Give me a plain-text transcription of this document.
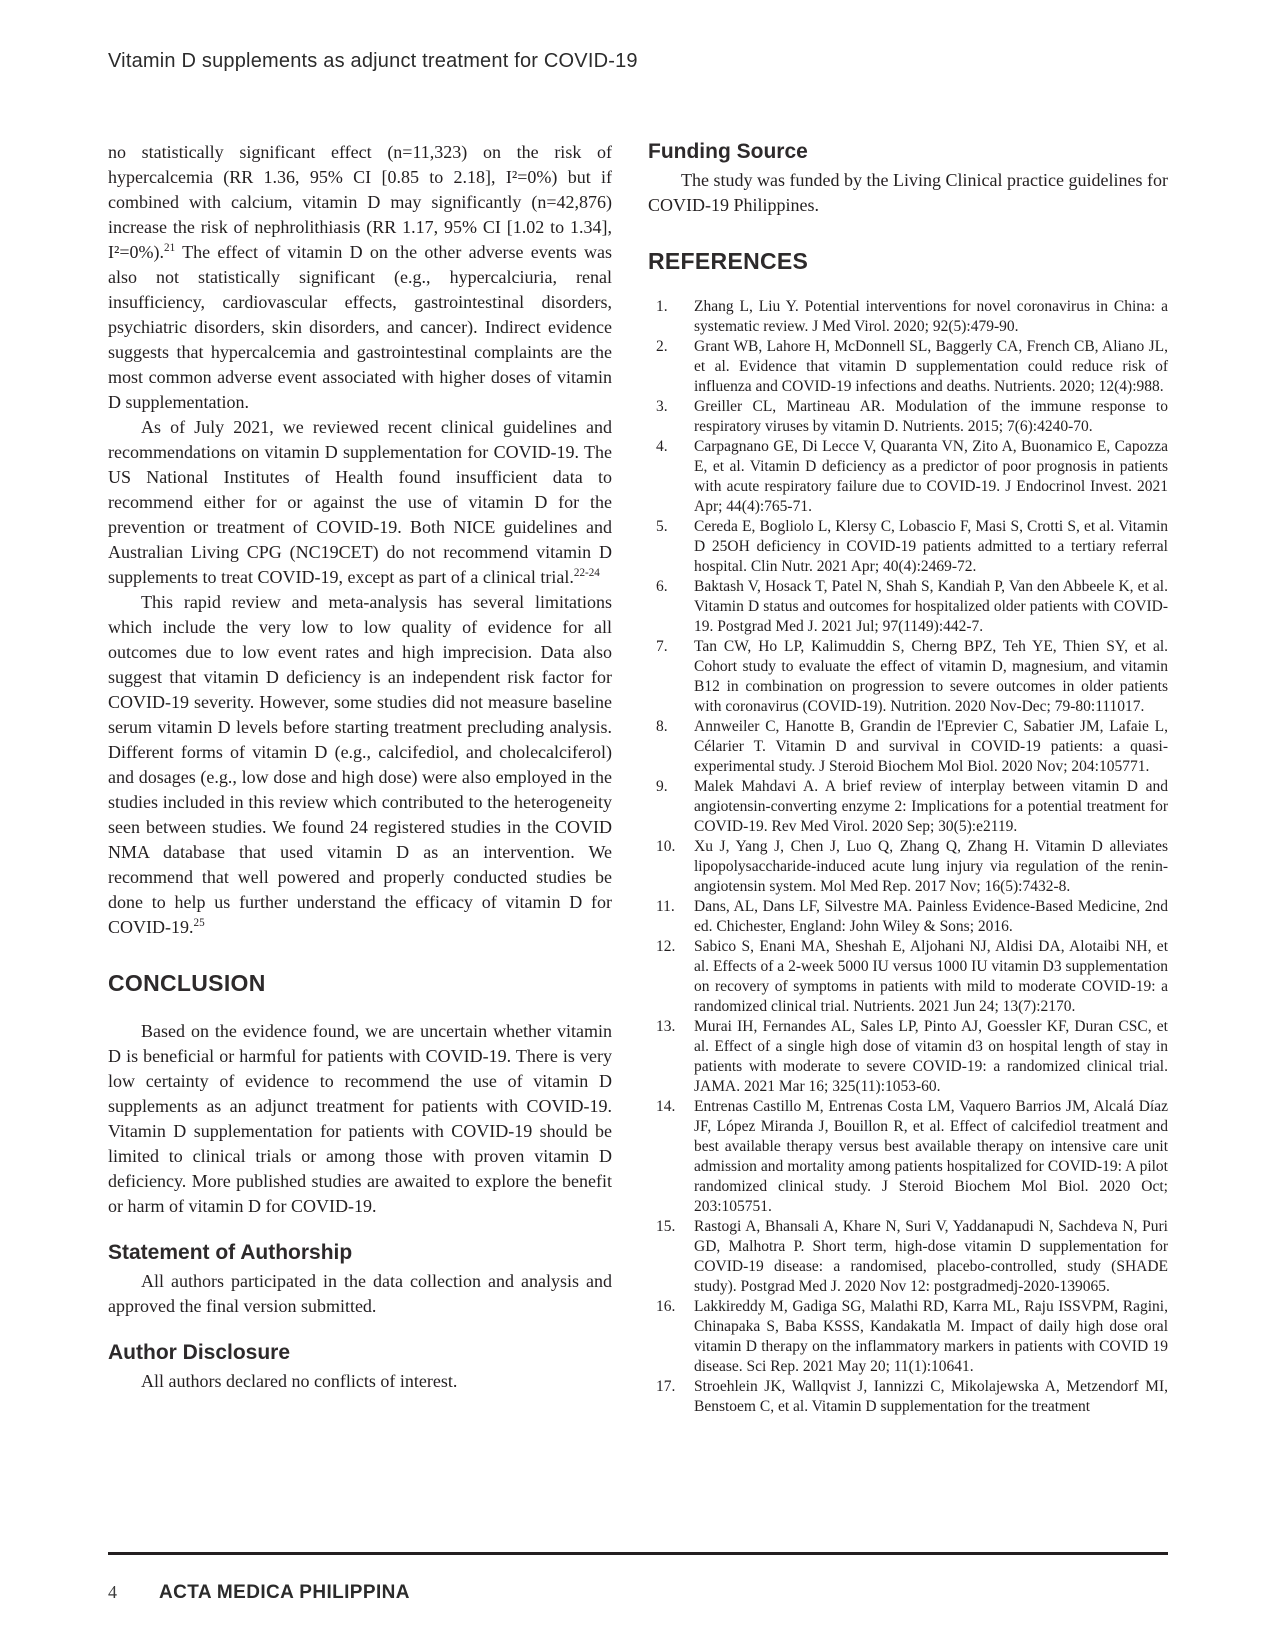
Vitamin D supplements as adjunct treatment for COVID-19

no statistically significant effect (n=11,323) on the risk of hypercalcemia (RR 1.36, 95% CI [0.85 to 2.18], I²=0%) but if combined with calcium, vitamin D may significantly (n=42,876) increase the risk of nephrolithiasis (RR 1.17, 95% CI [1.02 to 1.34], I²=0%).$^{21}$ The effect of vitamin D on the other adverse events was also not statistically significant (e.g., hypercalciuria, renal insufficiency, cardiovascular effects, gastrointestinal disorders, psychiatric disorders, skin disorders, and cancer). Indirect evidence suggests that hypercalcemia and gastrointestinal complaints are the most common adverse event associated with higher doses of vitamin D supplementation.

As of July 2021, we reviewed recent clinical guidelines and recommendations on vitamin D supplementation for COVID-19. The US National Institutes of Health found insufficient data to recommend either for or against the use of vitamin D for the prevention or treatment of COVID-19. Both NICE guidelines and Australian Living CPG (NC19CET) do not recommend vitamin D supplements to treat COVID-19, except as part of a clinical trial.$^{22-24}$

This rapid review and meta-analysis has several limitations which include the very low to low quality of evidence for all outcomes due to low event rates and high imprecision. Data also suggest that vitamin D deficiency is an independent risk factor for COVID-19 severity. However, some studies did not measure baseline serum vitamin D levels before starting treatment precluding analysis. Different forms of vitamin D (e.g., calcifediol, and cholecalciferol) and dosages (e.g., low dose and high dose) were also employed in the studies included in this review which contributed to the heterogeneity seen between studies. We found 24 registered studies in the COVID NMA database that used vitamin D as an intervention. We recommend that well powered and properly conducted studies be done to help us further understand the efficacy of vitamin D for COVID-19.25

CONCLUSION

Based on the evidence found, we are uncertain whether vitamin D is beneficial or harmful for patients with COVID-19. There is very low certainty of evidence to recommend the use of vitamin D supplements as an adjunct treatment for patients with COVID-19. Vitamin D supplementation for patients with COVID-19 should be limited to clinical trials or among those with proven vitamin D deficiency. More published studies are awaited to explore the benefit or harm of vitamin D for COVID-19.

Statement of Authorship

All authors participated in the data collection and analysis and approved the final version submitted.

Author Disclosure

All authors declared no conflicts of interest.

Funding Source

The study was funded by the Living Clinical practice guidelines for COVID-19 Philippines.

REFERENCES
1. Zhang L, Liu Y. Potential interventions for novel coronavirus in China: a systematic review. J Med Virol. 2020; 92(5):479-90.
2. Grant WB, Lahore H, McDonnell SL, Baggerly CA, French CB, Aliano JL, et al. Evidence that vitamin D supplementation could reduce risk of influenza and COVID-19 infections and deaths. Nutrients. 2020; 12(4):988.
3. Greiller CL, Martineau AR. Modulation of the immune response to respiratory viruses by vitamin D. Nutrients. 2015; 7(6):4240-70.
4. Carpagnano GE, Di Lecce V, Quaranta VN, Zito A, Buonamico E, Capozza E, et al. Vitamin D deficiency as a predictor of poor prognosis in patients with acute respiratory failure due to COVID-19. J Endocrinol Invest. 2021 Apr; 44(4):765-71.
5. Cereda E, Bogliolo L, Klersy C, Lobascio F, Masi S, Crotti S, et al. Vitamin D 25OH deficiency in COVID-19 patients admitted to a tertiary referral hospital. Clin Nutr. 2021 Apr; 40(4):2469-72.
6. Baktash V, Hosack T, Patel N, Shah S, Kandiah P, Van den Abbeele K, et al. Vitamin D status and outcomes for hospitalized older patients with COVID-19. Postgrad Med J. 2021 Jul; 97(1149):442-7.
7. Tan CW, Ho LP, Kalimuddin S, Cherng BPZ, Teh YE, Thien SY, et al. Cohort study to evaluate the effect of vitamin D, magnesium, and vitamin B12 in combination on progression to severe outcomes in older patients with coronavirus (COVID-19). Nutrition. 2020 Nov-Dec; 79-80:111017.
8. Annweiler C, Hanotte B, Grandin de l'Eprevier C, Sabatier JM, Lafaie L, Célarier T. Vitamin D and survival in COVID-19 patients: a quasi-experimental study. J Steroid Biochem Mol Biol. 2020 Nov; 204:105771.
9. Malek Mahdavi A. A brief review of interplay between vitamin D and angiotensin-converting enzyme 2: Implications for a potential treatment for COVID-19. Rev Med Virol. 2020 Sep; 30(5):e2119.
10. Xu J, Yang J, Chen J, Luo Q, Zhang Q, Zhang H. Vitamin D alleviates lipopolysaccharide-induced acute lung injury via regulation of the renin-angiotensin system. Mol Med Rep. 2017 Nov; 16(5):7432-8.
11. Dans, AL, Dans LF, Silvestre MA. Painless Evidence-Based Medicine, 2nd ed. Chichester, England: John Wiley & Sons; 2016.
12. Sabico S, Enani MA, Sheshah E, Aljohani NJ, Aldisi DA, Alotaibi NH, et al. Effects of a 2-week 5000 IU versus 1000 IU vitamin D3 supplementation on recovery of symptoms in patients with mild to moderate COVID-19: a randomized clinical trial. Nutrients. 2021 Jun 24; 13(7):2170.
13. Murai IH, Fernandes AL, Sales LP, Pinto AJ, Goessler KF, Duran CSC, et al. Effect of a single high dose of vitamin d3 on hospital length of stay in patients with moderate to severe COVID-19: a randomized clinical trial. JAMA. 2021 Mar 16; 325(11):1053-60.
14. Entrenas Castillo M, Entrenas Costa LM, Vaquero Barrios JM, Alcalá Díaz JF, López Miranda J, Bouillon R, et al. Effect of calcifediol treatment and best available therapy versus best available therapy on intensive care unit admission and mortality among patients hospitalized for COVID-19: A pilot randomized clinical study. J Steroid Biochem Mol Biol. 2020 Oct; 203:105751.
15. Rastogi A, Bhansali A, Khare N, Suri V, Yaddanapudi N, Sachdeva N, Puri GD, Malhotra P. Short term, high-dose vitamin D supplementation for COVID-19 disease: a randomised, placebo-controlled, study (SHADE study). Postgrad Med J. 2020 Nov 12: postgradmedj-2020-139065.
16. Lakkireddy M, Gadiga SG, Malathi RD, Karra ML, Raju ISSVPM, Ragini, Chinapaka S, Baba KSSS, Kandakatla M. Impact of daily high dose oral vitamin D therapy on the inflammatory markers in patients with COVID 19 disease. Sci Rep. 2021 May 20; 11(1):10641.
17. Stroehlein JK, Wallqvist J, Iannizzi C, Mikolajewska A, Metzendorf MI, Benstoem C, et al. Vitamin D supplementation for the treatment
4 ACTA MEDICA PHILIPPINA
